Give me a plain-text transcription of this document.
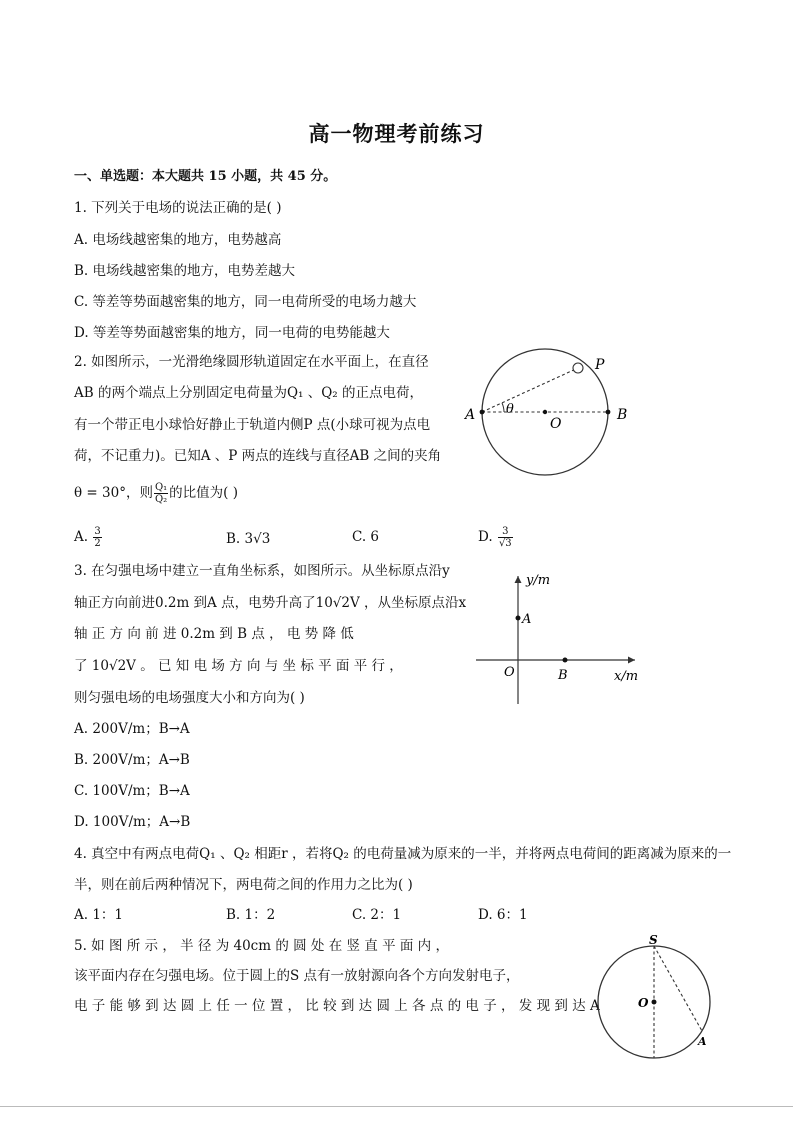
高一物理考前练习
一、单选题：本大题共 15 小题，共 45 分。
1. 下列关于电场的说法正确的是( )
A. 电场线越密集的地方，电势越高
B. 电场线越密集的地方，电势差越大
C. 等差等势面越密集的地方，同一电荷所受的电场力越大
D. 等差等势面越密集的地方，同一电荷的电势能越大
2. 如图所示，一光滑绝缘圆形轨道固定在水平面上，在直径
AB 的两个端点上分别固定电荷量为Q₁ 、Q₂ 的正点电荷，
有一个带正电小球恰好静止于轨道内侧P 点(小球可视为点电
荷，不记重力)。已知A 、P 两点的连线与直径AB 之间的夹角
θ = 30°，则 $\frac{\text{Q₁}}{\text{Q₂}}$ 的比值为( )
A. $\frac{3}{2}$	B. 3√3	C. 6	D. $\frac{3}{√3}$
A	B
O
P
θ
3. 在匀强电场中建立一直角坐标系，如图所示。从坐标原点沿y
轴正方向前进0.2m 到A 点，电势升高了10√2V ，从坐标原点沿x
轴 正 方 向 前 进 0.2m 到 B 点 ， 电 势 降 低
了 10√2V 。 已 知 电 场 方 向 与 坐 标 平 面 平 行 ，
则匀强电场的电场强度大小和方向为( )
A. 200V/m；B→A
B. 200V/m；A→B
C. 100V/m；B→A
D. 100V/m；A→B
y/m
x/m
O
A
B
4. 真空中有两点电荷Q₁ 、Q₂ 相距r ，若将Q₂ 的电荷量减为原来的一半，并将两点电荷间的距离减为原来的一
半，则在前后两种情况下，两电荷之间的作用力之比为( )
A. 1：1	B. 1：2	C. 2：1	D. 6：1
5. 如 图 所 示 ， 半 径 为 40cm 的 圆 处 在 竖 直 平 面 内 ，
该平面内存在匀强电场。位于圆上的S 点有一放射源向各个方向发射电子，
电 子 能 够 到 达 圆 上 任 一 位 置 ， 比 较 到 达 圆 上 各 点 的 电 子 ， 发 现 到 达 A
S
O
A
